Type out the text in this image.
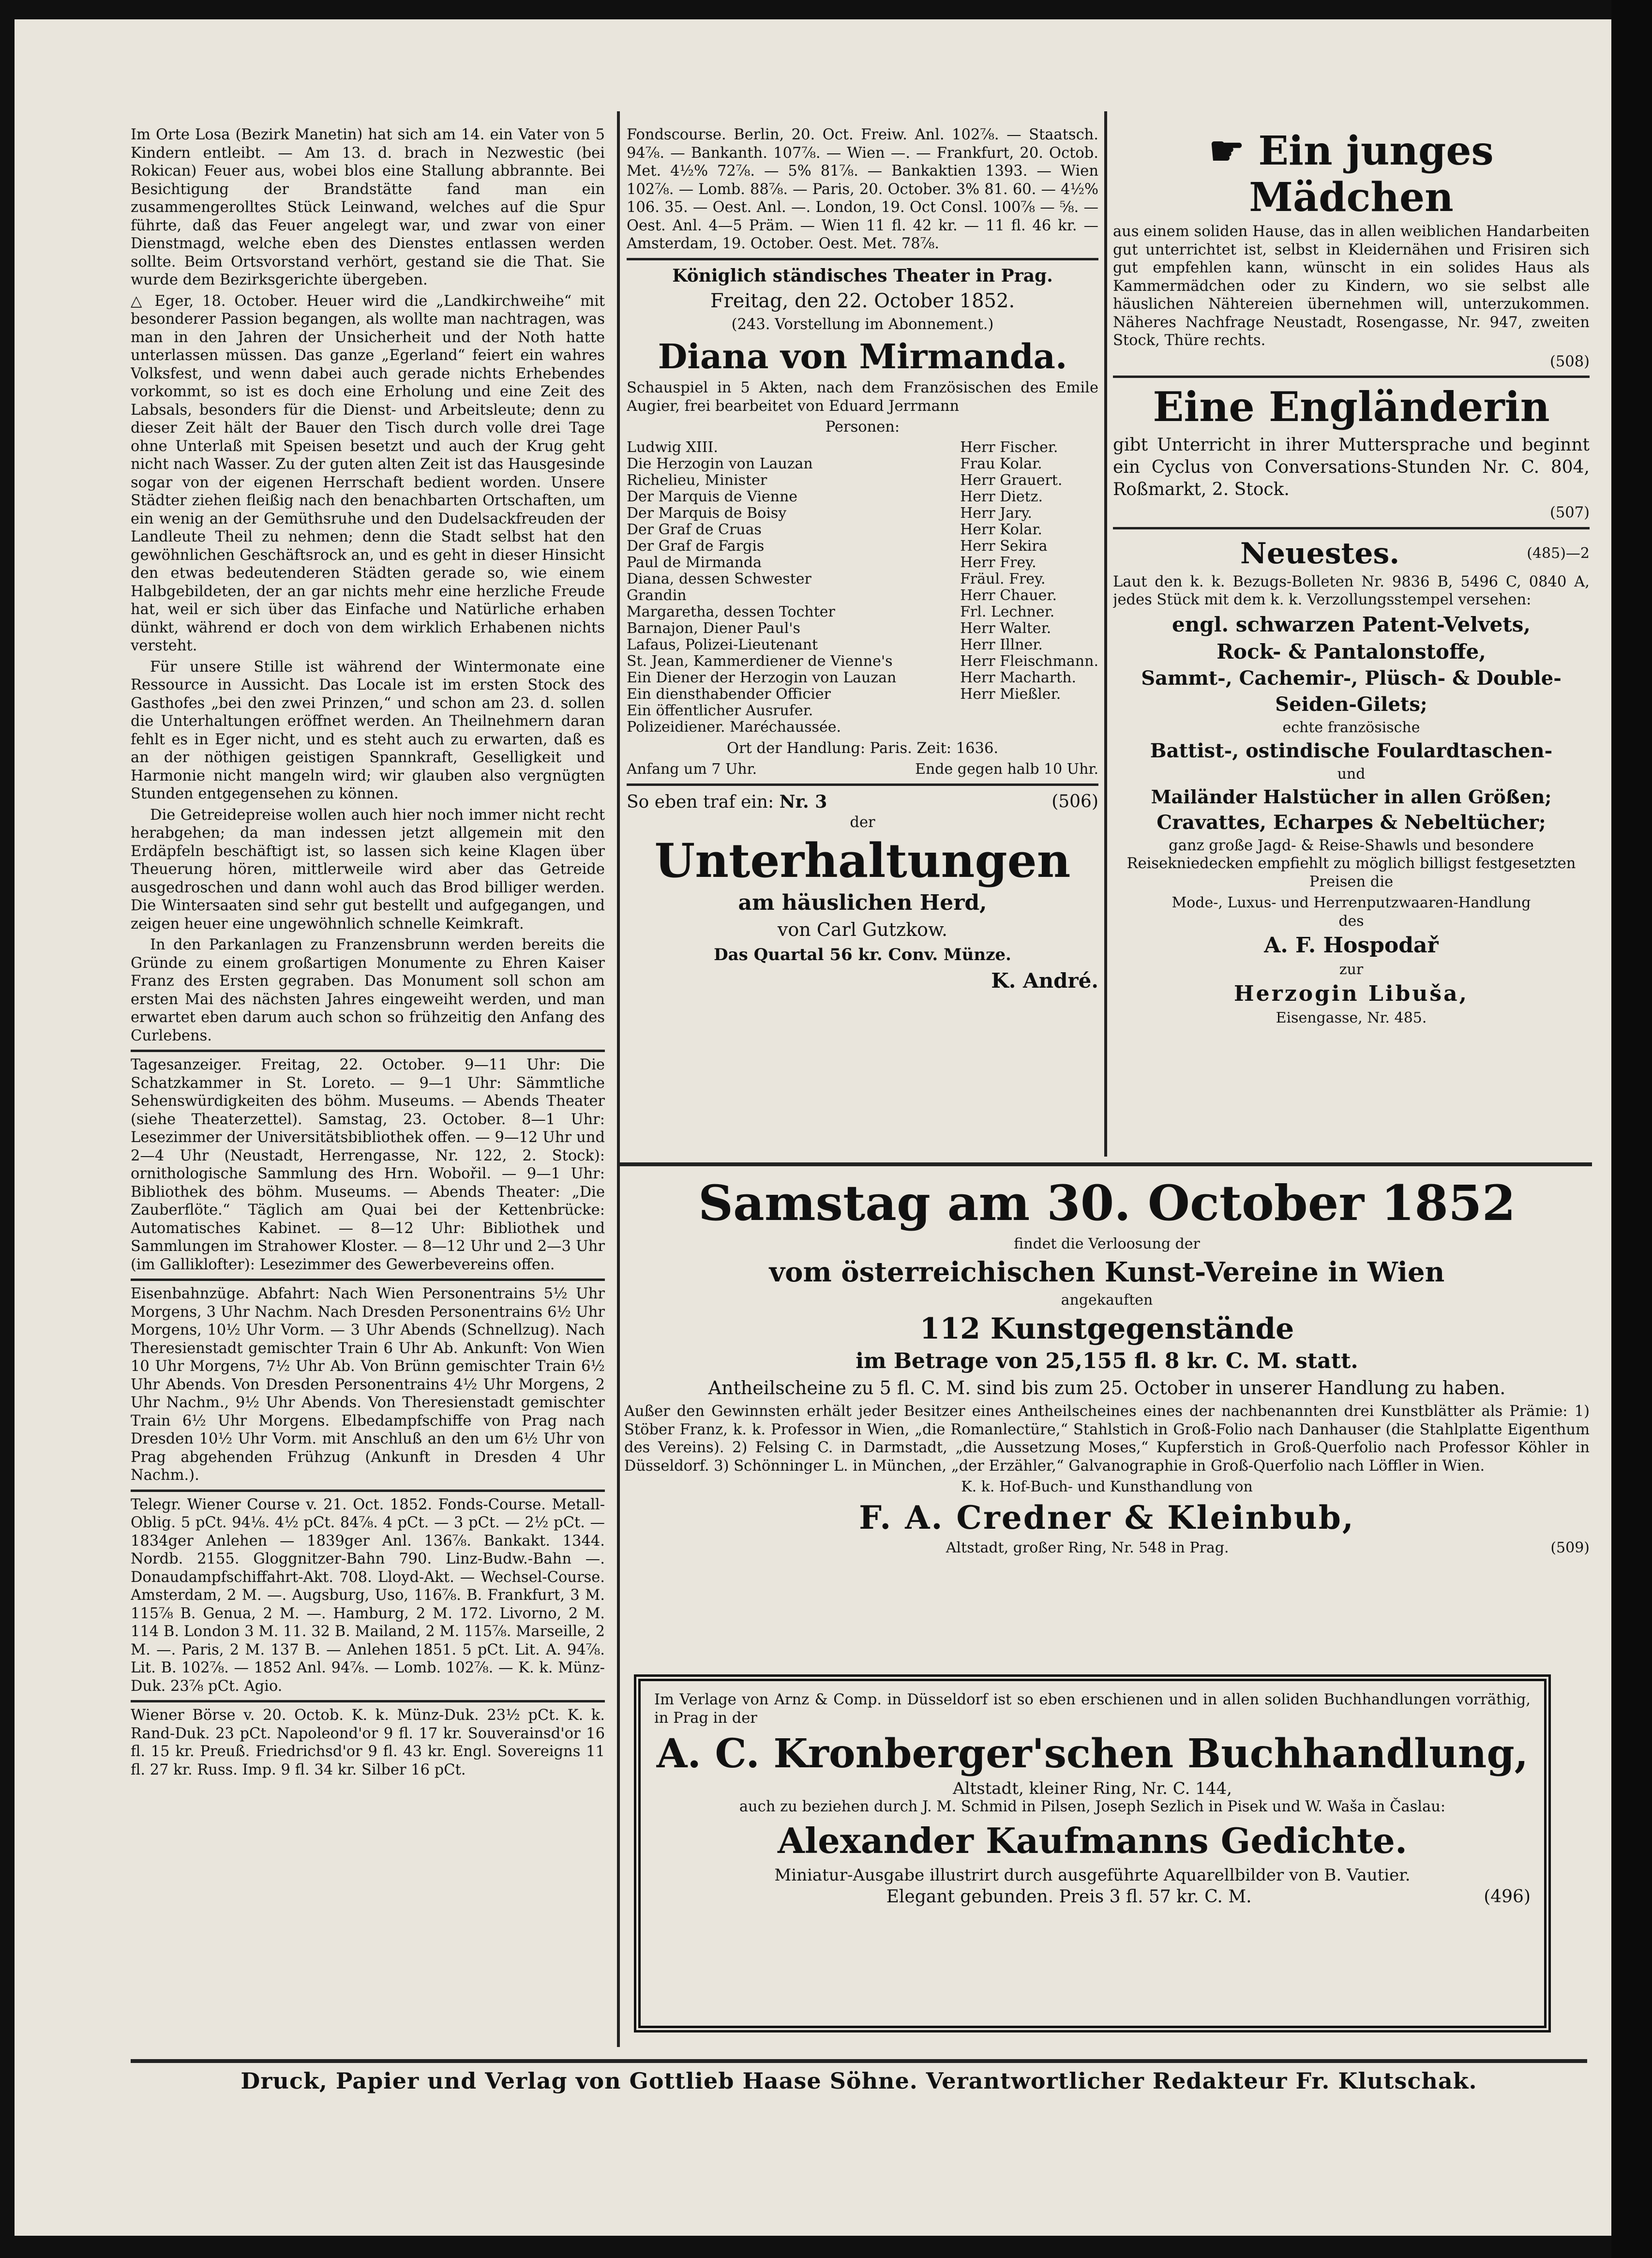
Im Orte Losa (Bezirk Manetin) hat sich am 14. ein Vater von 5 Kindern entleibt. — Am 13. d. brach in Nezwestic (bei Rokican) Feuer aus, wobei blos eine Stallung abbrannte. Bei Besichtigung der Brandstätte fand man ein zusammengerolltes Stück Leinwand, welches auf die Spur führte, daß das Feuer angelegt war, und zwar von einer Dienstmagd, welche eben des Dienstes entlassen werden sollte. Beim Ortsvorstand verhört, gestand sie die That. Sie wurde dem Bezirksgerichte übergeben.

△ Eger, 18. October. Heuer wird die „Landkirchweihe“ mit besonderer Passion begangen, als wollte man nachtragen, was man in den Jahren der Unsicherheit und der Noth hatte unterlassen müssen. Das ganze „Egerland“ feiert ein wahres Volksfest, und wenn dabei auch gerade nichts Erhebendes vorkommt, so ist es doch eine Erholung und eine Zeit des Labsals, besonders für die Dienst- und Arbeitsleute; denn zu dieser Zeit hält der Bauer den Tisch durch volle drei Tage ohne Unterlaß mit Speisen besetzt und auch der Krug geht nicht nach Wasser. Zu der guten alten Zeit ist das Hausgesinde sogar von der eigenen Herrschaft bedient worden. Unsere Städter ziehen fleißig nach den benachbarten Ortschaften, um ein wenig an der Gemüthsruhe und den Dudelsackfreuden der Landleute Theil zu nehmen; denn die Stadt selbst hat den gewöhnlichen Geschäftsrock an, und es geht in dieser Hinsicht den etwas bedeutenderen Städten gerade so, wie einem Halbgebildeten, der an gar nichts mehr eine herzliche Freude hat, weil er sich über das Einfache und Natürliche erhaben dünkt, während er doch von dem wirklich Erhabenen nichts versteht.

Für unsere Stille ist während der Wintermonate eine Ressource in Aussicht. Das Locale ist im ersten Stock des Gasthofes „bei den zwei Prinzen,“ und schon am 23. d. sollen die Unterhaltungen eröffnet werden. An Theilnehmern daran fehlt es in Eger nicht, und es steht auch zu erwarten, daß es an der nöthigen geistigen Spannkraft, Geselligkeit und Harmonie nicht mangeln wird; wir glauben also vergnügten Stunden entgegensehen zu können.

Die Getreidepreise wollen auch hier noch immer nicht recht herabgehen; da man indessen jetzt allgemein mit den Erdäpfeln beschäftigt ist, so lassen sich keine Klagen über Theuerung hören, mittlerweile wird aber das Getreide ausgedroschen und dann wohl auch das Brod billiger werden. Die Wintersaaten sind sehr gut bestellt und aufgegangen, und zeigen heuer eine ungewöhnlich schnelle Keimkraft.

In den Parkanlagen zu Franzensbrunn werden bereits die Gründe zu einem großartigen Monumente zu Ehren Kaiser Franz des Ersten gegraben. Das Monument soll schon am ersten Mai des nächsten Jahres eingeweiht werden, und man erwartet eben darum auch schon so frühzeitig den Anfang des Curlebens.

Tagesanzeiger. Freitag, 22. October. 9—11 Uhr: Die Schatzkammer in St. Loreto. — 9—1 Uhr: Sämmtliche Sehenswürdigkeiten des böhm. Museums. — Abends Theater (siehe Theaterzettel). Samstag, 23. October. 8—1 Uhr: Lesezimmer der Universitätsbibliothek offen. — 9—12 Uhr und 2—4 Uhr (Neustadt, Herrengasse, Nr. 122, 2. Stock): ornithologische Sammlung des Hrn. Wobořil. — 9—1 Uhr: Bibliothek des böhm. Museums. — Abends Theater: „Die Zauberflöte.“ Täglich am Quai bei der Kettenbrücke: Automatisches Kabinet. — 8—12 Uhr: Bibliothek und Sammlungen im Strahower Kloster. — 8—12 Uhr und 2—3 Uhr (im Galliklofter): Lesezimmer des Gewerbevereins offen.

Eisenbahnzüge. Abfahrt: Nach Wien Personentrains 5½ Uhr Morgens, 3 Uhr Nachm. Nach Dresden Personentrains 6½ Uhr Morgens, 10½ Uhr Vorm. — 3 Uhr Abends (Schnellzug). Nach Theresienstadt gemischter Train 6 Uhr Ab. Ankunft: Von Wien 10 Uhr Morgens, 7½ Uhr Ab. Von Brünn gemischter Train 6½ Uhr Abends. Von Dresden Personentrains 4½ Uhr Morgens, 2 Uhr Nachm., 9½ Uhr Abends. Von Theresienstadt gemischter Train 6½ Uhr Morgens. Elbedampfschiffe von Prag nach Dresden 10½ Uhr Vorm. mit Anschluß an den um 6½ Uhr von Prag abgehenden Frühzug (Ankunft in Dresden 4 Uhr Nachm.).

Telegr. Wiener Course v. 21. Oct. 1852. Fonds-Course. Metall-Oblig. 5 pCt. 94⅛. 4½ pCt. 84⅞. 4 pCt. — 3 pCt. — 2½ pCt. — 1834ger Anlehen — 1839ger Anl. 136⅞. Bankakt. 1344. Nordb. 2155. Gloggnitzer-Bahn 790. Linz-Budw.-Bahn —. Donaudampfschiffahrt-Akt. 708. Lloyd-Akt. — Wechsel-Course. Amsterdam, 2 M. —. Augsburg, Uso, 116⅞. B. Frankfurt, 3 M. 115⅞ B. Genua, 2 M. —. Hamburg, 2 M. 172. Livorno, 2 M. 114 B. London 3 M. 11. 32 B. Mailand, 2 M. 115⅞. Marseille, 2 M. —. Paris, 2 M. 137 B. — Anlehen 1851. 5 pCt. Lit. A. 94⅞. Lit. B. 102⅞. — 1852 Anl. 94⅞. — Lomb. 102⅞. — K. k. Münz-Duk. 23⅞ pCt. Agio.

Wiener Börse v. 20. Octob. K. k. Münz-Duk. 23½ pCt. K. k. Rand-Duk. 23 pCt. Napoleond'or 9 fl. 17 kr. Souverainsd'or 16 fl. 15 kr. Preuß. Friedrichsd'or 9 fl. 43 kr. Engl. Sovereigns 11 fl. 27 kr. Russ. Imp. 9 fl. 34 kr. Silber 16 pCt.

Fondscourse. Berlin, 20. Oct. Freiw. Anl. 102⅞. — Staatsch. 94⅞. — Bankanth. 107⅞. — Wien —. — Frankfurt, 20. Octob. Met. 4½% 72⅞. — 5% 81⅞. — Bankaktien 1393. — Wien 102⅞. — Lomb. 88⅞. — Paris, 20. October. 3% 81. 60. — 4½% 106. 35. — Oest. Anl. —. London, 19. Oct Consl. 100⅞ — ⅝. — Oest. Anl. 4—5 Präm. — Wien 11 fl. 42 kr. — 11 fl. 46 kr. — Amsterdam, 19. October. Oest. Met. 78⅞.

Königlich ständisches Theater in Prag.

Freitag, den 22. October 1852.

(243. Vorstellung im Abonnement.)

Diana von Mirmanda.

Schauspiel in 5 Akten, nach dem Französischen des Emile Augier, frei bearbeitet von Eduard Jerrmann

Personen:

Ludwig XIII.	Herr Fischer.
Die Herzogin von Lauzan	Frau Kolar.
Richelieu, Minister	Herr Grauert.
Der Marquis de Vienne	Herr Dietz.
Der Marquis de Boisy	Herr Jary.
Der Graf de Cruas	Herr Kolar.
Der Graf de Fargis	Herr Sekira
Paul de Mirmanda	Herr Frey.
Diana, dessen Schwester	Fräul. Frey.
Grandin	Herr Chauer.
Margaretha, dessen Tochter	Frl. Lechner.
Barnajon, Diener Paul's	Herr Walter.
Lafaus, Polizei-Lieutenant	Herr Illner.
St. Jean, Kammerdiener de Vienne's	Herr Fleischmann.
Ein Diener der Herzogin von Lauzan	Herr Macharth.
Ein diensthabender Officier	Herr Mießler.
Ein öffentlicher Ausrufer.	
Polizeidiener. Maréchaussée.	

Ort der Handlung: Paris. Zeit: 1636.

Anfang um 7 Uhr.	Ende gegen halb 10 Uhr.
So eben traf ein: Nr. 3	(506)

der

Unterhaltungen
am häuslichen Herd,

von Carl Gutzkow.

Das Quartal 56 kr. Conv. Münze.

K. André.

☛ Ein junges Mädchen

aus einem soliden Hause, das in allen weiblichen Handarbeiten gut unterrichtet ist, selbst in Kleidernähen und Frisiren sich gut empfehlen kann, wünscht in ein solides Haus als Kammermädchen oder zu Kindern, wo sie selbst alle häuslichen Nähtereien übernehmen will, unterzukommen. Näheres Nachfrage Neustadt, Rosengasse, Nr. 947, zweiten Stock, Thüre rechts.

(508)

Eine Engländerin

gibt Unterricht in ihrer Muttersprache und beginnt ein Cyclus von Conversations-Stunden Nr. C. 804, Roßmarkt, 2. Stock.

(507)

Neuestes.	(485)—2

Laut den k. k. Bezugs-Bolleten Nr. 9836 B, 5496 C, 0840 A, jedes Stück mit dem k. k. Verzollungsstempel versehen:

engl. schwarzen Patent-Velvets,
Rock- & Pantalonstoffe,
Sammt-, Cachemir-, Plüsch- & Double-
Seiden-Gilets;
echte französische
Battist-, ostindische Foulardtaschen-
und
Mailänder Halstücher in allen Größen;
Cravattes, Echarpes & Nebeltücher;

ganz große Jagd- & Reise-Shawls und besondere Reisekniedecken empfiehlt zu möglich billigst festgesetzten Preisen die

Mode-, Luxus- und Herrenputzwaaren-Handlung
des
A. F. Hospodař
zur
Herzogin Libuša,
Eisengasse, Nr. 485.
Samstag am 30. October 1852
findet die Verloosung der
vom österreichischen Kunst-Vereine in Wien
angekauften
112 Kunstgegenstände
im Betrage von 25,155 fl. 8 kr. C. M. statt.

Antheilscheine zu 5 fl. C. M. sind bis zum 25. October in unserer Handlung zu haben.

Außer den Gewinnsten erhält jeder Besitzer eines Antheilscheines eines der nachbenannten drei Kunstblätter als Prämie: 1) Stöber Franz, k. k. Professor in Wien, „die Romanlectüre,“ Stahlstich in Groß-Folio nach Danhauser (die Stahlplatte Eigenthum des Vereins). 2) Felsing C. in Darmstadt, „die Aussetzung Moses,“ Kupferstich in Groß-Querfolio nach Professor Köhler in Düsseldorf. 3) Schönninger L. in München, „der Erzähler,“ Galvanographie in Groß-Querfolio nach Löffler in Wien.

K. k. Hof-Buch- und Kunsthandlung von
F. A. Credner & Kleinbub,
Altstadt, großer Ring, Nr. 548 in Prag.	(509)

Im Verlage von Arnz & Comp. in Düsseldorf ist so eben erschienen und in allen soliden Buchhandlungen vorräthig, in Prag in der

A. C. Kronberger'schen Buchhandlung,
Altstadt, kleiner Ring, Nr. C. 144,

auch zu beziehen durch J. M. Schmid in Pilsen, Joseph Sezlich in Pisek und W. Waša in Časlau:

Alexander Kaufmanns Gedichte.
Miniatur-Ausgabe illustrirt durch ausgeführte Aquarellbilder von B. Vautier.
Elegant gebunden. Preis 3 fl. 57 kr. C. M.	(496)
Druck, Papier und Verlag von Gottlieb Haase Söhne. Verantwortlicher Redakteur Fr. Klutschak.
